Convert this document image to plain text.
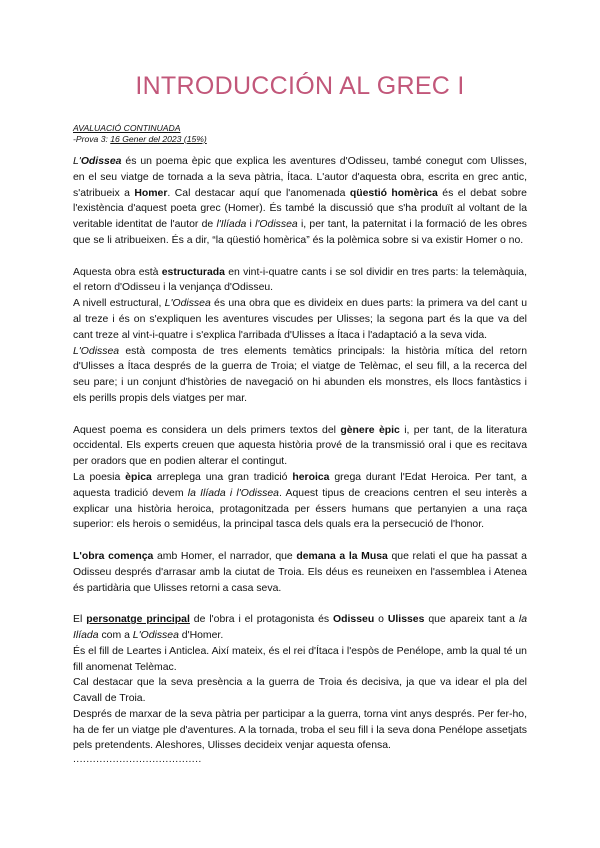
INTRODUCCIÓN AL GREC I
AVALUACIÓ CONTINUADA
-Prova 3: 16 Gener del 2023 (15%)

L'Odissea és un poema èpic que explica les aventures d'Odisseu, també conegut com Ulisses, en el seu viatge de tornada a la seva pàtria, Ítaca. L'autor d'aquesta obra, escrita en grec antic, s'atribueix a Homer. Cal destacar aquí que l'anomenada qüestió homèrica és el debat sobre l'existència d'aquest poeta grec (Homer). És també la discussió que s'ha produït al voltant de la veritable identitat de l'autor de l'Ilíada i l'Odissea i, per tant, la paternitat i la formació de les obres que se li atribueixen. És a dir, “la qüestió homèrica” és la polèmica sobre si va existir Homer o no.

Aquesta obra està estructurada en vint-i-quatre cants i se sol dividir en tres parts: la telemàquia, el retorn d'Odisseu i la venjança d'Odisseu.

A nivell estructural, L'Odissea és una obra que es divideix en dues parts: la primera va del cant u al treze i és on s'expliquen les aventures viscudes per Ulisses; la segona part és la que va del cant treze al vint-i-quatre i s'explica l'arribada d'Ulisses a Ítaca i l'adaptació a la seva vida.

L'Odissea està composta de tres elements temàtics principals: la història mítica del retorn d'Ulisses a Ítaca després de la guerra de Troia; el viatge de Telèmac, el seu fill, a la recerca del seu pare; i un conjunt d'històries de navegació on hi abunden els monstres, els llocs fantàstics i els perills propis dels viatges per mar.

Aquest poema es considera un dels primers textos del gènere èpic i, per tant, de la literatura occidental. Els experts creuen que aquesta història prové de la transmissió oral i que es recitava per oradors que en podien alterar el contingut.

La poesia èpica arreplega una gran tradició heroica grega durant l'Edat Heroica. Per tant, a aquesta tradició devem la Ilíada i l'Odissea. Aquest tipus de creacions centren el seu interès a explicar una història heroica, protagonitzada per éssers humans que pertanyien a una raça superior: els herois o semidéus, la principal tasca dels quals era la persecució de l'honor.

L'obra comença amb Homer, el narrador, que demana a la Musa que relati el que ha passat a Odisseu després d'arrasar amb la ciutat de Troia. Els déus es reuneixen en l'assemblea i Atenea és partidària que Ulisses retorni a casa seva.

El personatge principal de l'obra i el protagonista és Odisseu o Ulisses que apareix tant a la Ilíada com a L'Odissea d'Homer.

És el fill de Leartes i Anticlea. Així mateix, és el rei d'Ítaca i l'espòs de Penélope, amb la qual té un fill anomenat Telèmac.

Cal destacar que la seva presència a la guerra de Troia és decisiva, ja que va idear el pla del Cavall de Troia.

Després de marxar de la seva pàtria per participar a la guerra, torna vint anys després. Per fer-ho, ha de fer un viatge ple d'aventures. A la tornada, troba el seu fill i la seva dona Penélope assetjats pels pretendents. Aleshores, Ulisses decideix venjar aquesta ofensa.

.......................................
